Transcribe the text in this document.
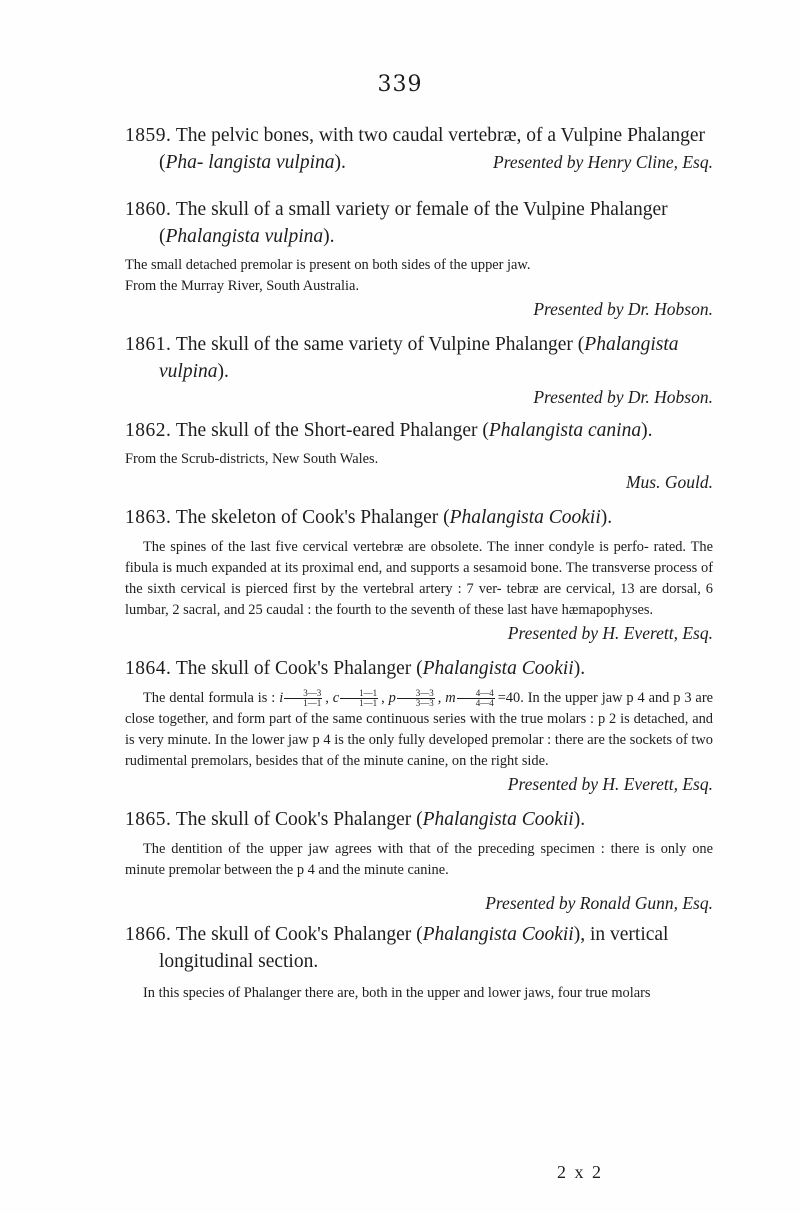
339

1859. The pelvic bones, with two caudal vertebræ, of a Vulpine Phalanger (Pha- langista vulpina).	Presented by Henry Cline, Esq.

1860. The skull of a small variety or female of the Vulpine Phalanger (Phalangista vulpina).

The small detached premolar is present on both sides of the upper jaw.

From the Murray River, South Australia.

Presented by Dr. Hobson.

1861. The skull of the same variety of Vulpine Phalanger (Phalangista vulpina).

Presented by Dr. Hobson.

1862. The skull of the Short-eared Phalanger (Phalangista canina).

From the Scrub-districts, New South Wales.

Mus. Gould.

1863. The skeleton of Cook's Phalanger (Phalangista Cookii).

The spines of the last five cervical vertebræ are obsolete. The inner condyle is perfo- rated. The fibula is much expanded at its proximal end, and supports a sesamoid bone. The transverse process of the sixth cervical is pierced first by the vertebral artery : 7 ver- tebræ are cervical, 13 are dorsal, 6 lumbar, 2 sacral, and 25 caudal : the fourth to the seventh of these last have hæmapophyses.

Presented by H. Everett, Esq.

1864. The skull of Cook's Phalanger (Phalangista Cookii).

The dental formula is : i $\frac{3—3}{1—1}$ , c $\frac{1—1}{1—1}$ , p $\frac{3—3}{3—3}$ , m $\frac{4—4}{4—4} =40$. In the upper jaw p 4 and p 3 are close together, and form part of the same continuous series with the true molars : p 2 is detached, and is very minute. In the lower jaw p 4 is the only fully developed premolar : there are the sockets of two rudimental premolars, besides that of the minute canine, on the right side.

Presented by H. Everett, Esq.

1865. The skull of Cook's Phalanger (Phalangista Cookii).

The dentition of the upper jaw agrees with that of the preceding specimen : there is only one minute premolar between the p 4 and the minute canine.

Presented by Ronald Gunn, Esq.

1866. The skull of Cook's Phalanger (Phalangista Cookii), in vertical longitudinal section.

In this species of Phalanger there are, both in the upper and lower jaws, four true molars

2 x 2
